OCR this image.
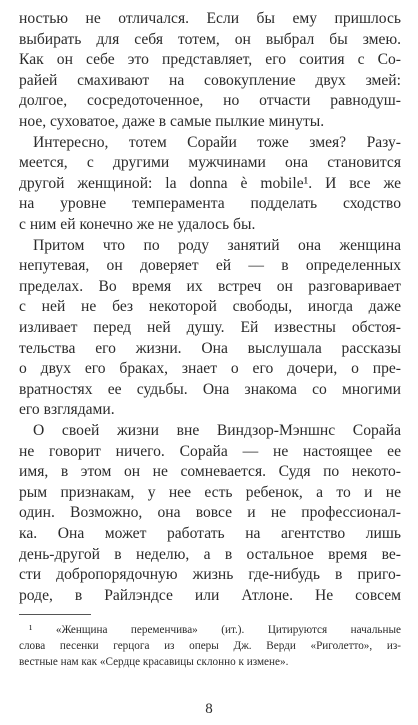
ностью не отличался. Если бы ему пришлось
выбирать для себя тотем, он выбрал бы змею.
Как он себе это представляет, его соития с Со-
райей смахивают на совокупление двух змей:
долгое, сосредоточенное, но отчасти равнодуш-
ное, суховатое, даже в самые пылкие минуты.
Интересно, тотем Сорайи тоже змея? Разу-
меется, с другими мужчинами она становится
другой женщиной: la donna è mobile¹. И все же
на уровне темперамента подделать сходство
с ним ей конечно же не удалось бы.
Притом что по роду занятий она женщина
непутевая, он доверяет ей — в определенных
пределах. Во время их встреч он разговаривает
с ней не без некоторой свободы, иногда даже
изливает перед ней душу. Ей известны обстоя-
тельства его жизни. Она выслушала рассказы
о двух его браках, знает о его дочери, о пре-
вратностях ее судьбы. Она знакома со многими
его взглядами.
О своей жизни вне Виндзор-Мэншнс Сорайа
не говорит ничего. Сорайа — не настоящее ее
имя, в этом он не сомневается. Судя по некото-
рым признакам, у нее есть ребенок, а то и не
один. Возможно, она вовсе и не профессионал-
ка. Она может работать на агентство лишь
день-другой в неделю, а в остальное время ве-
сти добропорядочную жизнь где-нибудь в приго-
роде, в Райлэндсе или Атлоне. Не совсем
¹ «Женщина переменчива» (ит.). Цитируются начальные
слова песенки герцога из оперы Дж. Верди «Риголетто», из-
вестные нам как «Сердце красавицы склонно к измене».
8
